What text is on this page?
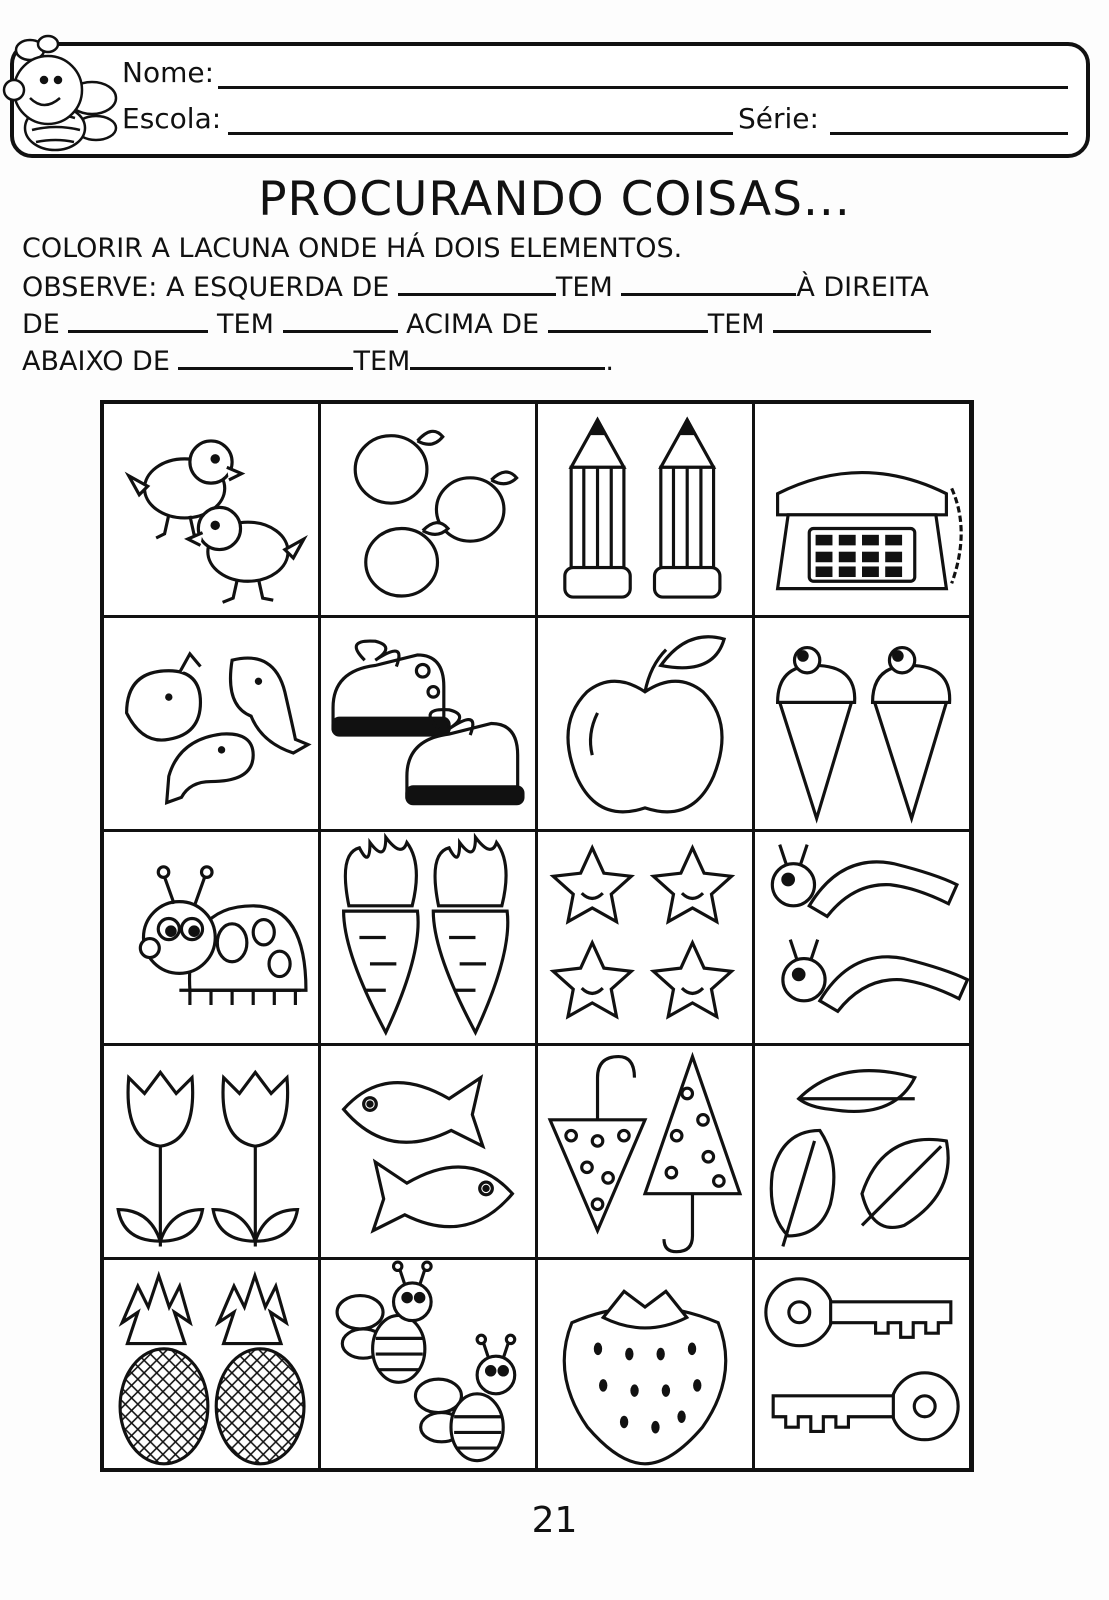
Nome:
Escola:	Série:
PROCURANDO COISAS...
COLORIR A LACUNA ONDE HÁ DOIS ELEMENTOS.
OBSERVE: A ESQUERDA DE	TEM	À DIREITA
DE	TEM	ACIMA DE	TEM
ABAIXO DE	TEM	.
21
